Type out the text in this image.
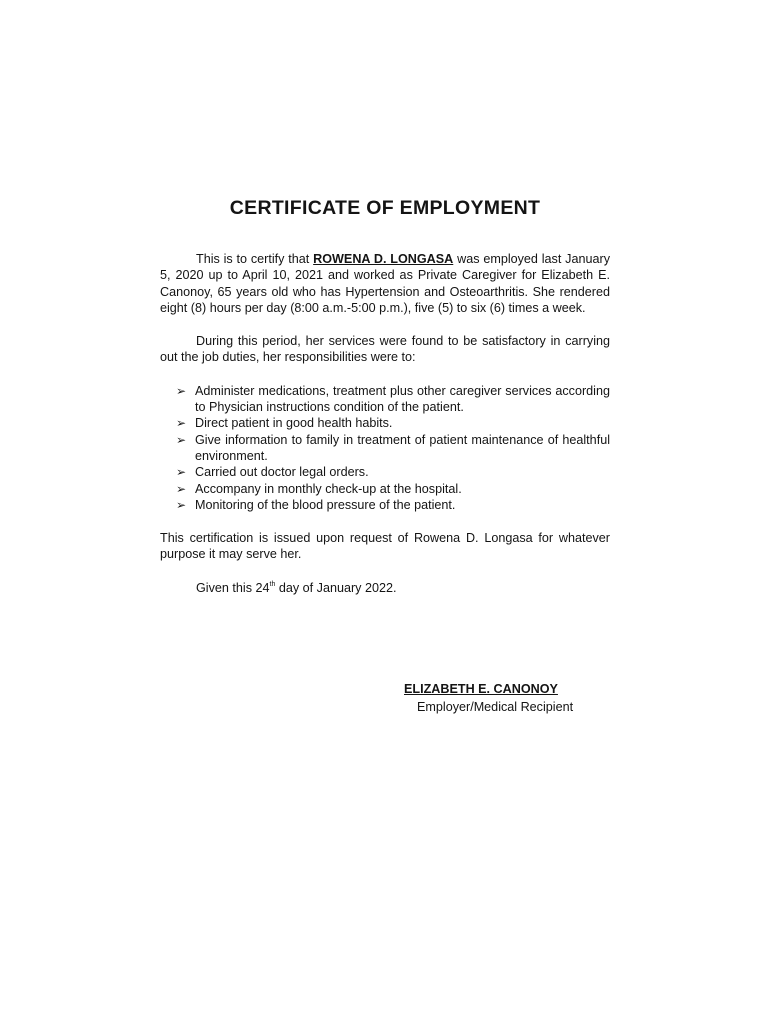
CERTIFICATE OF EMPLOYMENT

This is to certify that ROWENA D. LONGASA was employed last January 5, 2020 up to April 10, 2021 and worked as Private Caregiver for Elizabeth E. Canonoy, 65 years old who has Hypertension and Osteoarthritis. She rendered eight (8) hours per day (8:00 a.m.-5:00 p.m.), five (5) to six (6) times a week.

During this period, her services were found to be satisfactory in carrying out the job duties, her responsibilities were to:

➢ Administer medications, treatment plus other caregiver services according to Physician instructions condition of the patient.
➢ Direct patient in good health habits.
➢ Give information to family in treatment of patient maintenance of healthful environment.
➢ Carried out doctor legal orders.
➢ Accompany in monthly check-up at the hospital.
➢ Monitoring of the blood pressure of the patient.

This certification is issued upon request of Rowena D. Longasa for whatever purpose it may serve her.

Given this 24th day of January 2022.

ELIZABETH E. CANONOY
Employer/Medical Recipient
